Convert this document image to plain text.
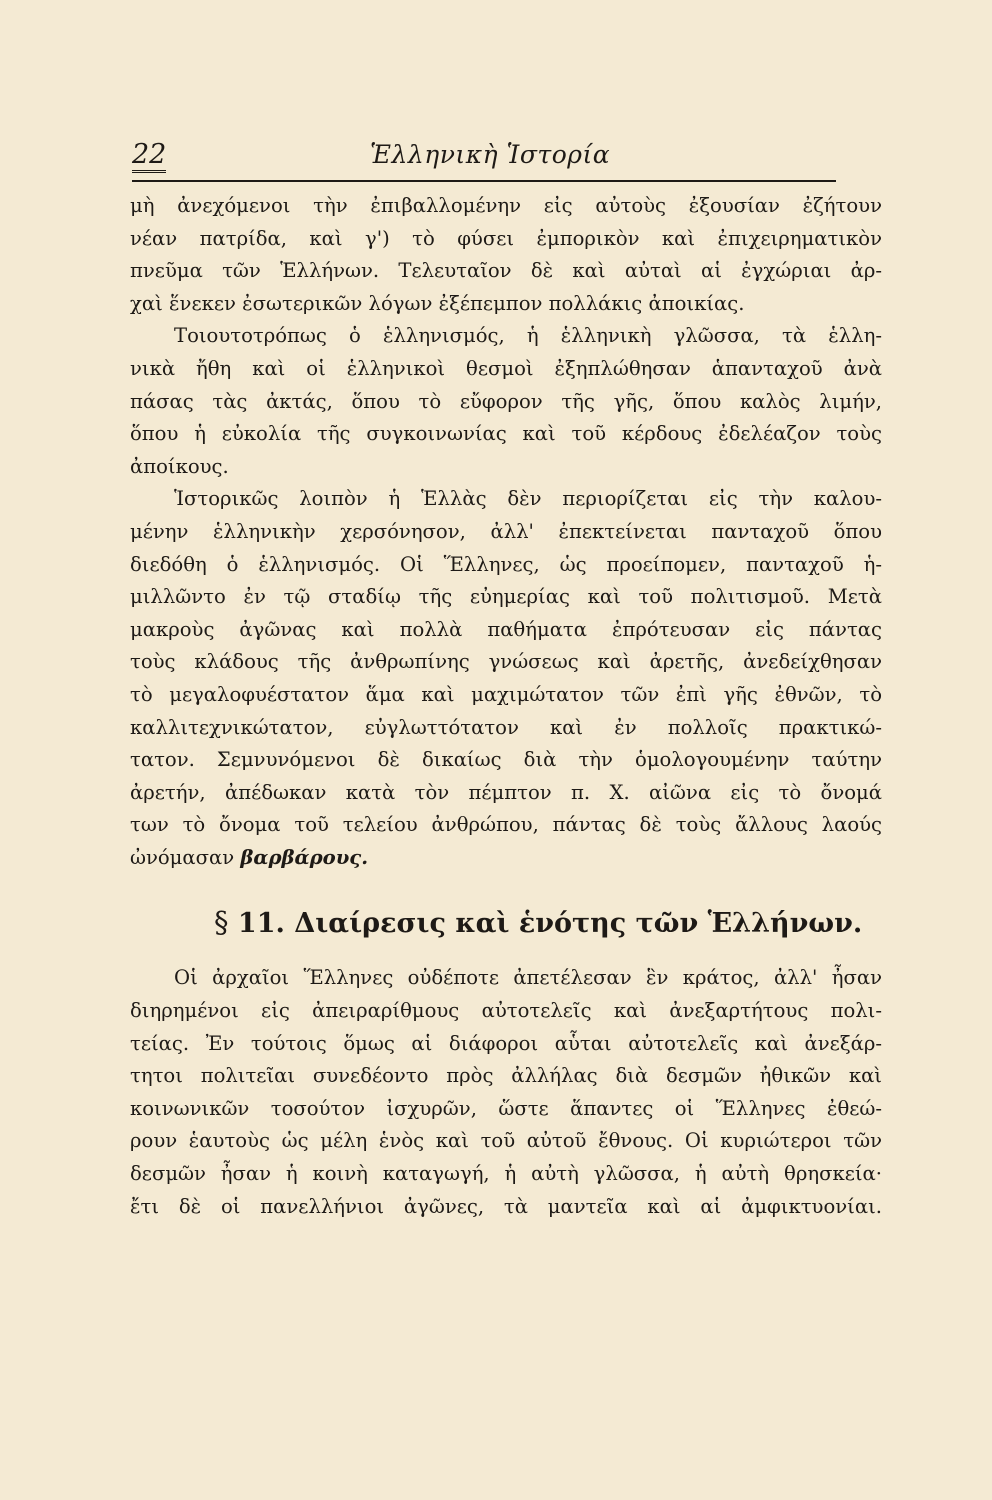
22	Ἑλληνικὴ Ἱστορία
μὴ ἀνεχόμενοι τὴν ἐπιβαλλομένην εἰς αὐτοὺς ἐξουσίαν ἐζήτουν
νέαν πατρίδα, καὶ γ') τὸ φύσει ἐμπορικὸν καὶ ἐπιχειρηματικὸν
πνεῦμα τῶν Ἑλλήνων. Τελευταῖον δὲ καὶ αὐταὶ αἱ ἐγχώριαι ἀρ-
χαὶ ἕνεκεν ἐσωτερικῶν λόγων ἐξέπεμπον πολλάκις ἀποικίας.
Τοιουτοτρόπως ὁ ἑλληνισμός, ἡ ἑλληνικὴ γλῶσσα, τὰ ἑλλη-
νικὰ ἤθη καὶ οἱ ἑλληνικοὶ θεσμοὶ ἐξηπλώθησαν ἁπανταχοῦ ἀνὰ
πάσας τὰς ἀκτάς, ὅπου τὸ εὔφορον τῆς γῆς, ὅπου καλὸς λιμήν,
ὅπου ἡ εὐκολία τῆς συγκοινωνίας καὶ τοῦ κέρδους ἐδελέαζον τοὺς
ἀποίκους.
Ἱστορικῶς λοιπὸν ἡ Ἑλλὰς δὲν περιορίζεται εἰς τὴν καλου-
μένην ἑλληνικὴν χερσόνησον, ἀλλ' ἐπεκτείνεται πανταχοῦ ὅπου
διεδόθη ὁ ἑλληνισμός. Οἱ Ἕλληνες, ὡς προείπομεν, πανταχοῦ ἡ-
μιλλῶντο ἐν τῷ σταδίῳ τῆς εὐημερίας καὶ τοῦ πολιτισμοῦ. Μετὰ
μακροὺς ἀγῶνας καὶ πολλὰ παθήματα ἐπρότευσαν εἰς πάντας
τοὺς κλάδους τῆς ἀνθρωπίνης γνώσεως καὶ ἀρετῆς, ἀνεδείχθησαν
τὸ μεγαλοφυέστατον ἅμα καὶ μαχιμώτατον τῶν ἐπὶ γῆς ἐθνῶν, τὸ
καλλιτεχνικώτατον, εὐγλωττότατον καὶ ἐν πολλοῖς πρακτικώ-
τατον. Σεμνυνόμενοι δὲ δικαίως διὰ τὴν ὁμολογουμένην ταύτην
ἀρετήν, ἀπέδωκαν κατὰ τὸν πέμπτον π. Χ. αἰῶνα εἰς τὸ ὄνομά
των τὸ ὄνομα τοῦ τελείου ἀνθρώπου, πάντας δὲ τοὺς ἄλλους λαούς
ὠνόμασαν βαρβάρους.
§ 11. Διαίρεσις καὶ ἑνότης τῶν Ἑλλήνων.
Οἱ ἀρχαῖοι Ἕλληνες οὐδέποτε ἀπετέλεσαν ἓν κράτος, ἀλλ' ἦσαν
διηρημένοι εἰς ἀπειραρίθμους αὐτοτελεῖς καὶ ἀνεξαρτήτους πολι-
τείας. Ἐν τούτοις ὅμως αἱ διάφοροι αὗται αὐτοτελεῖς καὶ ἀνεξάρ-
τητοι πολιτεῖαι συνεδέοντο πρὸς ἀλλήλας διὰ δεσμῶν ἠθικῶν καὶ
κοινωνικῶν τοσούτον ἰσχυρῶν, ὥστε ἅπαντες οἱ Ἕλληνες ἐθεώ-
ρουν ἑαυτοὺς ὡς μέλη ἑνὸς καὶ τοῦ αὐτοῦ ἔθνους. Οἱ κυριώτεροι τῶν
δεσμῶν ἦσαν ἡ κοινὴ καταγωγή, ἡ αὐτὴ γλῶσσα, ἡ αὐτὴ θρησκεία·
ἔτι δὲ οἱ πανελλήνιοι ἀγῶνες, τὰ μαντεῖα καὶ αἱ ἀμφικτυονίαι.
